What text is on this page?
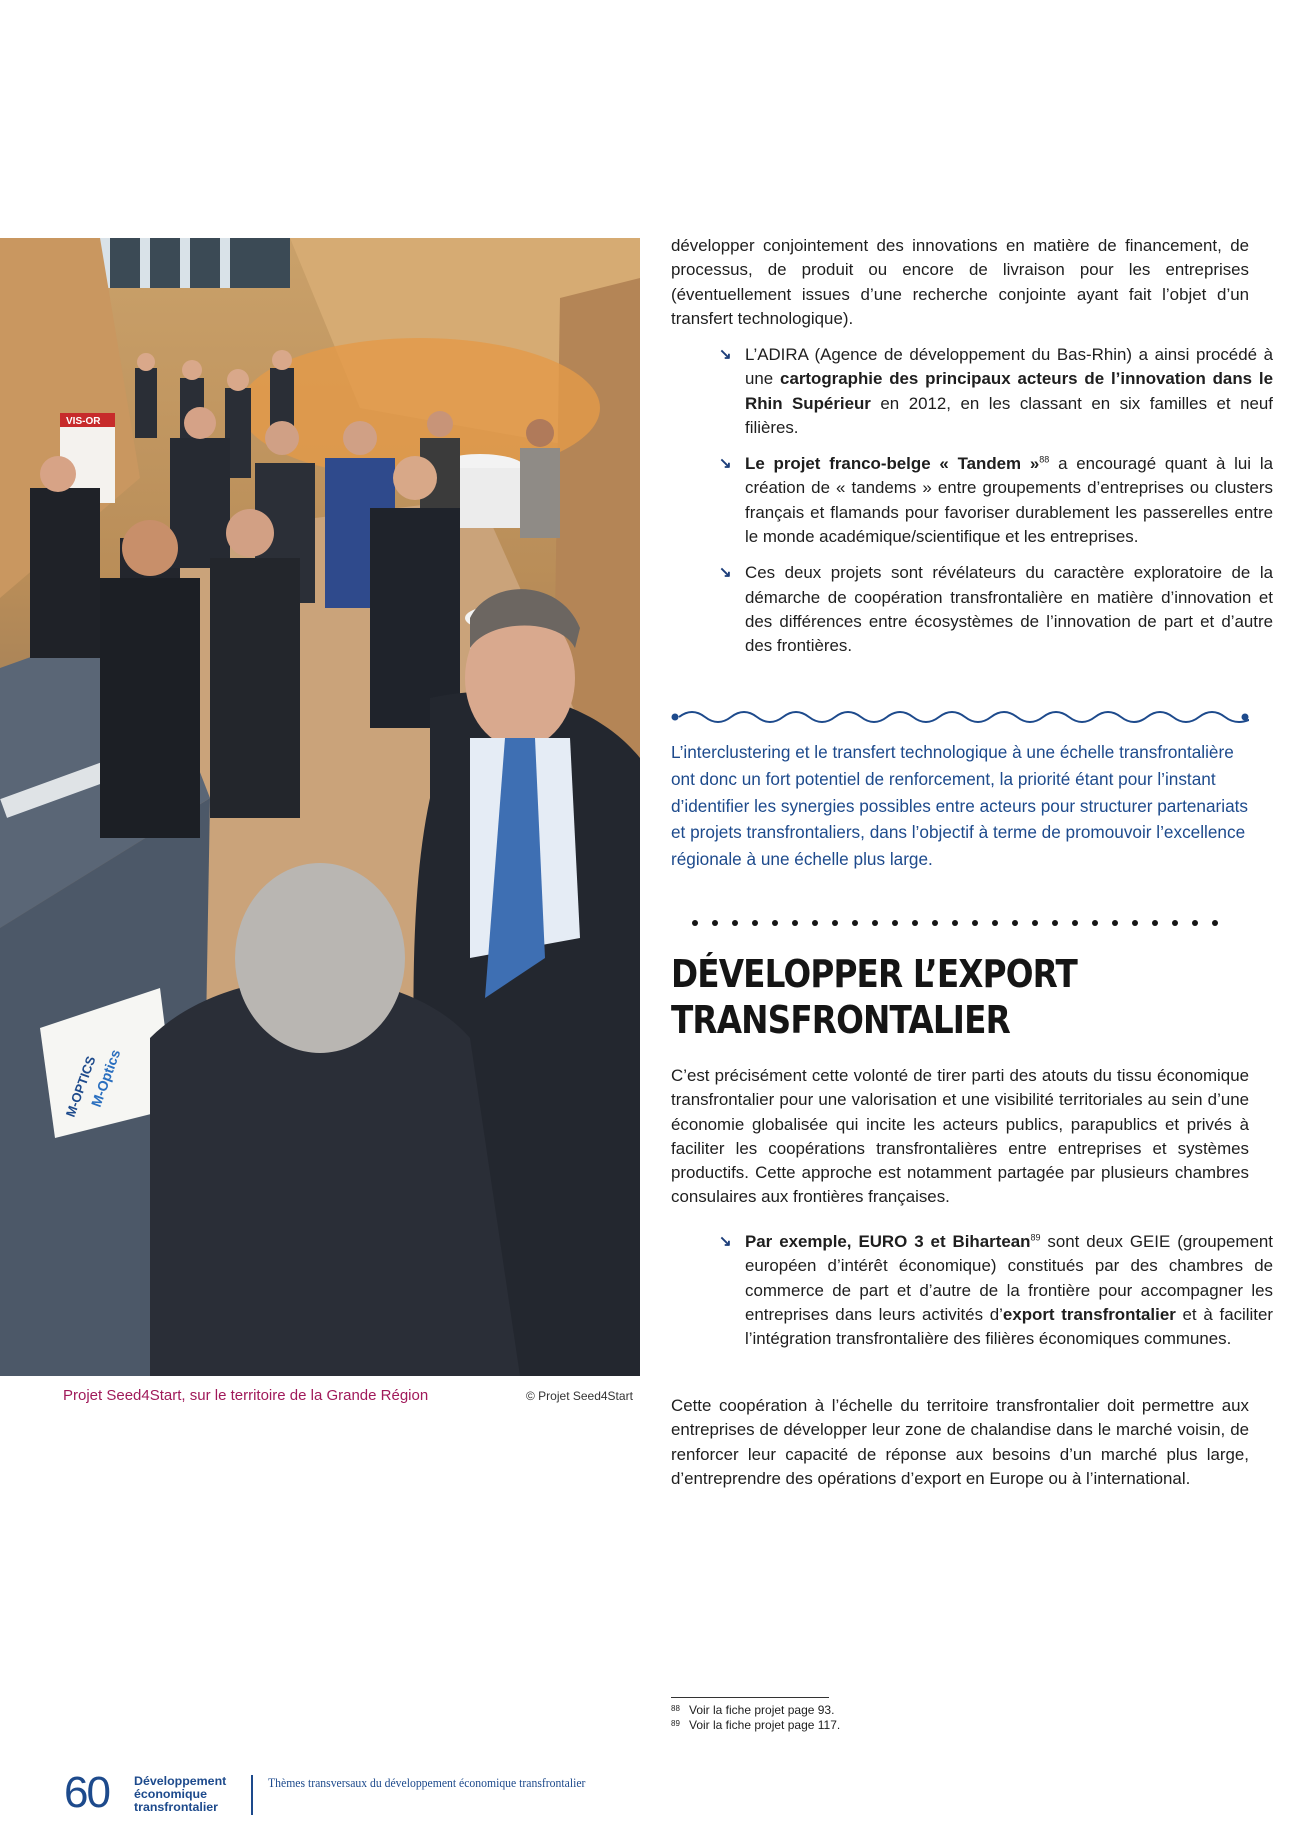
VIS-OR
M-OPTICS
M-Optics
Projet Seed4Start, sur le territoire de la Grande Région	© Projet Seed4Start

développer conjointement des innovations en matière de financement, de processus, de produit ou encore de livraison pour les entreprises (éventuellement issues d’une recherche conjointe ayant fait l’objet d’un transfert technologique).

↘ L’ADIRA (Agence de développement du Bas-Rhin) a ainsi procédé à une cartographie des principaux acteurs de l’innovation dans le Rhin Supérieur en 2012, en les classant en six familles et neuf filières.
↘ Le projet franco-belge « Tandem »$^{88}$ a encouragé quant à lui la création de « tandems » entre groupements d’entreprises ou clusters français et flamands pour favoriser durablement les passerelles entre le monde académique/scientifique et les entreprises.
↘ Ces deux projets sont révélateurs du caractère exploratoire de la démarche de coopération transfrontalière en matière d’innovation et des différences entre écosystèmes de l’innovation de part et d’autre des frontières.

L’interclustering et le transfert technologique à une échelle transfrontalière ont donc un fort potentiel de renforcement, la priorité étant pour l’instant d’identifier les synergies possibles entre acteurs pour structurer partenariats et projets transfrontaliers, dans l’objectif à terme de promouvoir l’excellence régionale à une échelle plus large.

DÉVELOPPER L’EXPORT
TRANSFRONTALIER

C’est précisément cette volonté de tirer parti des atouts du tissu économique transfrontalier pour une valorisation et une visibilité territoriales au sein d’une économie globalisée qui incite les acteurs publics, parapublics et privés à faciliter les coopérations transfrontalières entre entreprises et systèmes productifs. Cette approche est notamment partagée par plusieurs chambres consulaires aux frontières françaises.

↘ Par exemple, EURO 3 et Bihartean$^{89}$ sont deux GEIE (groupement européen d’intérêt économique) constitués par des chambres de commerce de part et d’autre de la frontière pour accompagner les entreprises dans leurs activités d’export transfrontalier et à faciliter l’intégration transfrontalière des filières économiques communes.

Cette coopération à l’échelle du territoire transfrontalier doit permettre aux entreprises de développer leur zone de chalandise dans le marché voisin, de renforcer leur capacité de réponse aux besoins d’un marché plus large, d’entreprendre des opérations d’export en Europe ou à l’international.

88 Voir la fiche projet page 93.
89 Voir la fiche projet page 117.
60 Développement
économique
transfrontalier
Thèmes transversaux du développement économique transfrontalier
